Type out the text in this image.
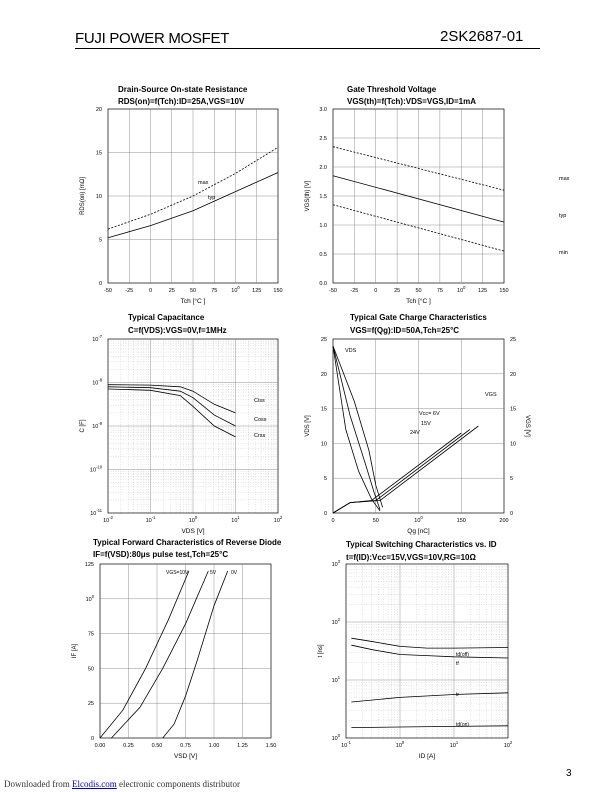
FUJI POWER MOSFET	2SK2687-01
Drain-Source On-state Resistance
RDS(on)=f(Tch):ID=25A,VGS=10V
-50 -25	0	25	50	75	$10^0$
125 150
0
5
10
15
20
Tch [°C ]
RDS(on) [mΩ]
Gate Threshold Voltage
VGS(th)=f(Tch):VDS=VGS,ID=1mA
-50 -25	0	25	50	75	$10^0$
125 150
0.0
0.5
1.0
1.5
2.0
2.5
3.0
Tch [°C ]
VGS(th) [V]
Typical Capacitance
C=f(VDS):VGS=0V,f=1MHz
$10^{-2}$
$10^{-1}$
$10^0$
$10^1$
$10^2$
$10^{-11}$
$10^{-10}$
$10^{-9}$
$10^{-8}$
$10^{-7}$
VDS [V]
C [F]
Typical Gate Charge Characteristics
VGS=f(Qg):ID=50A,Tch=25°C
0	50	$10^0$
150	200
0	0
5	5
10	10
15	15
20	20
25	25
Qg [nC]
VDS [V]	VGS [V]
Typical Forward Characteristics of Reverse Diode
IF=f(VSD):80μs pulse test,Tch=25°C
0.00	0.25	0.50	0.75	1.00	1.25	1.50
0
25
50
75
$10^0$
125
VSD [V]
IF [A]
Typical Switching Characteristics vs. ID
t=f(ID):Vcc=15V,VGS=10V,RG=10Ω
$10^{-1}$
$10^0$
$10^1$
$10^2$
$10^0$
$10^1$
$10^2$
$10^3$
ID [A]
t [ns]
max
typ
max
typ
min
Ciss
Coss
Crss
VDS
VGS
Vcc= 6V
15V
24V
VGS=10V	5V	0V
td(off)
tf
tr
td(on)
Downloaded from Elcodis.com electronic components distributor
3
